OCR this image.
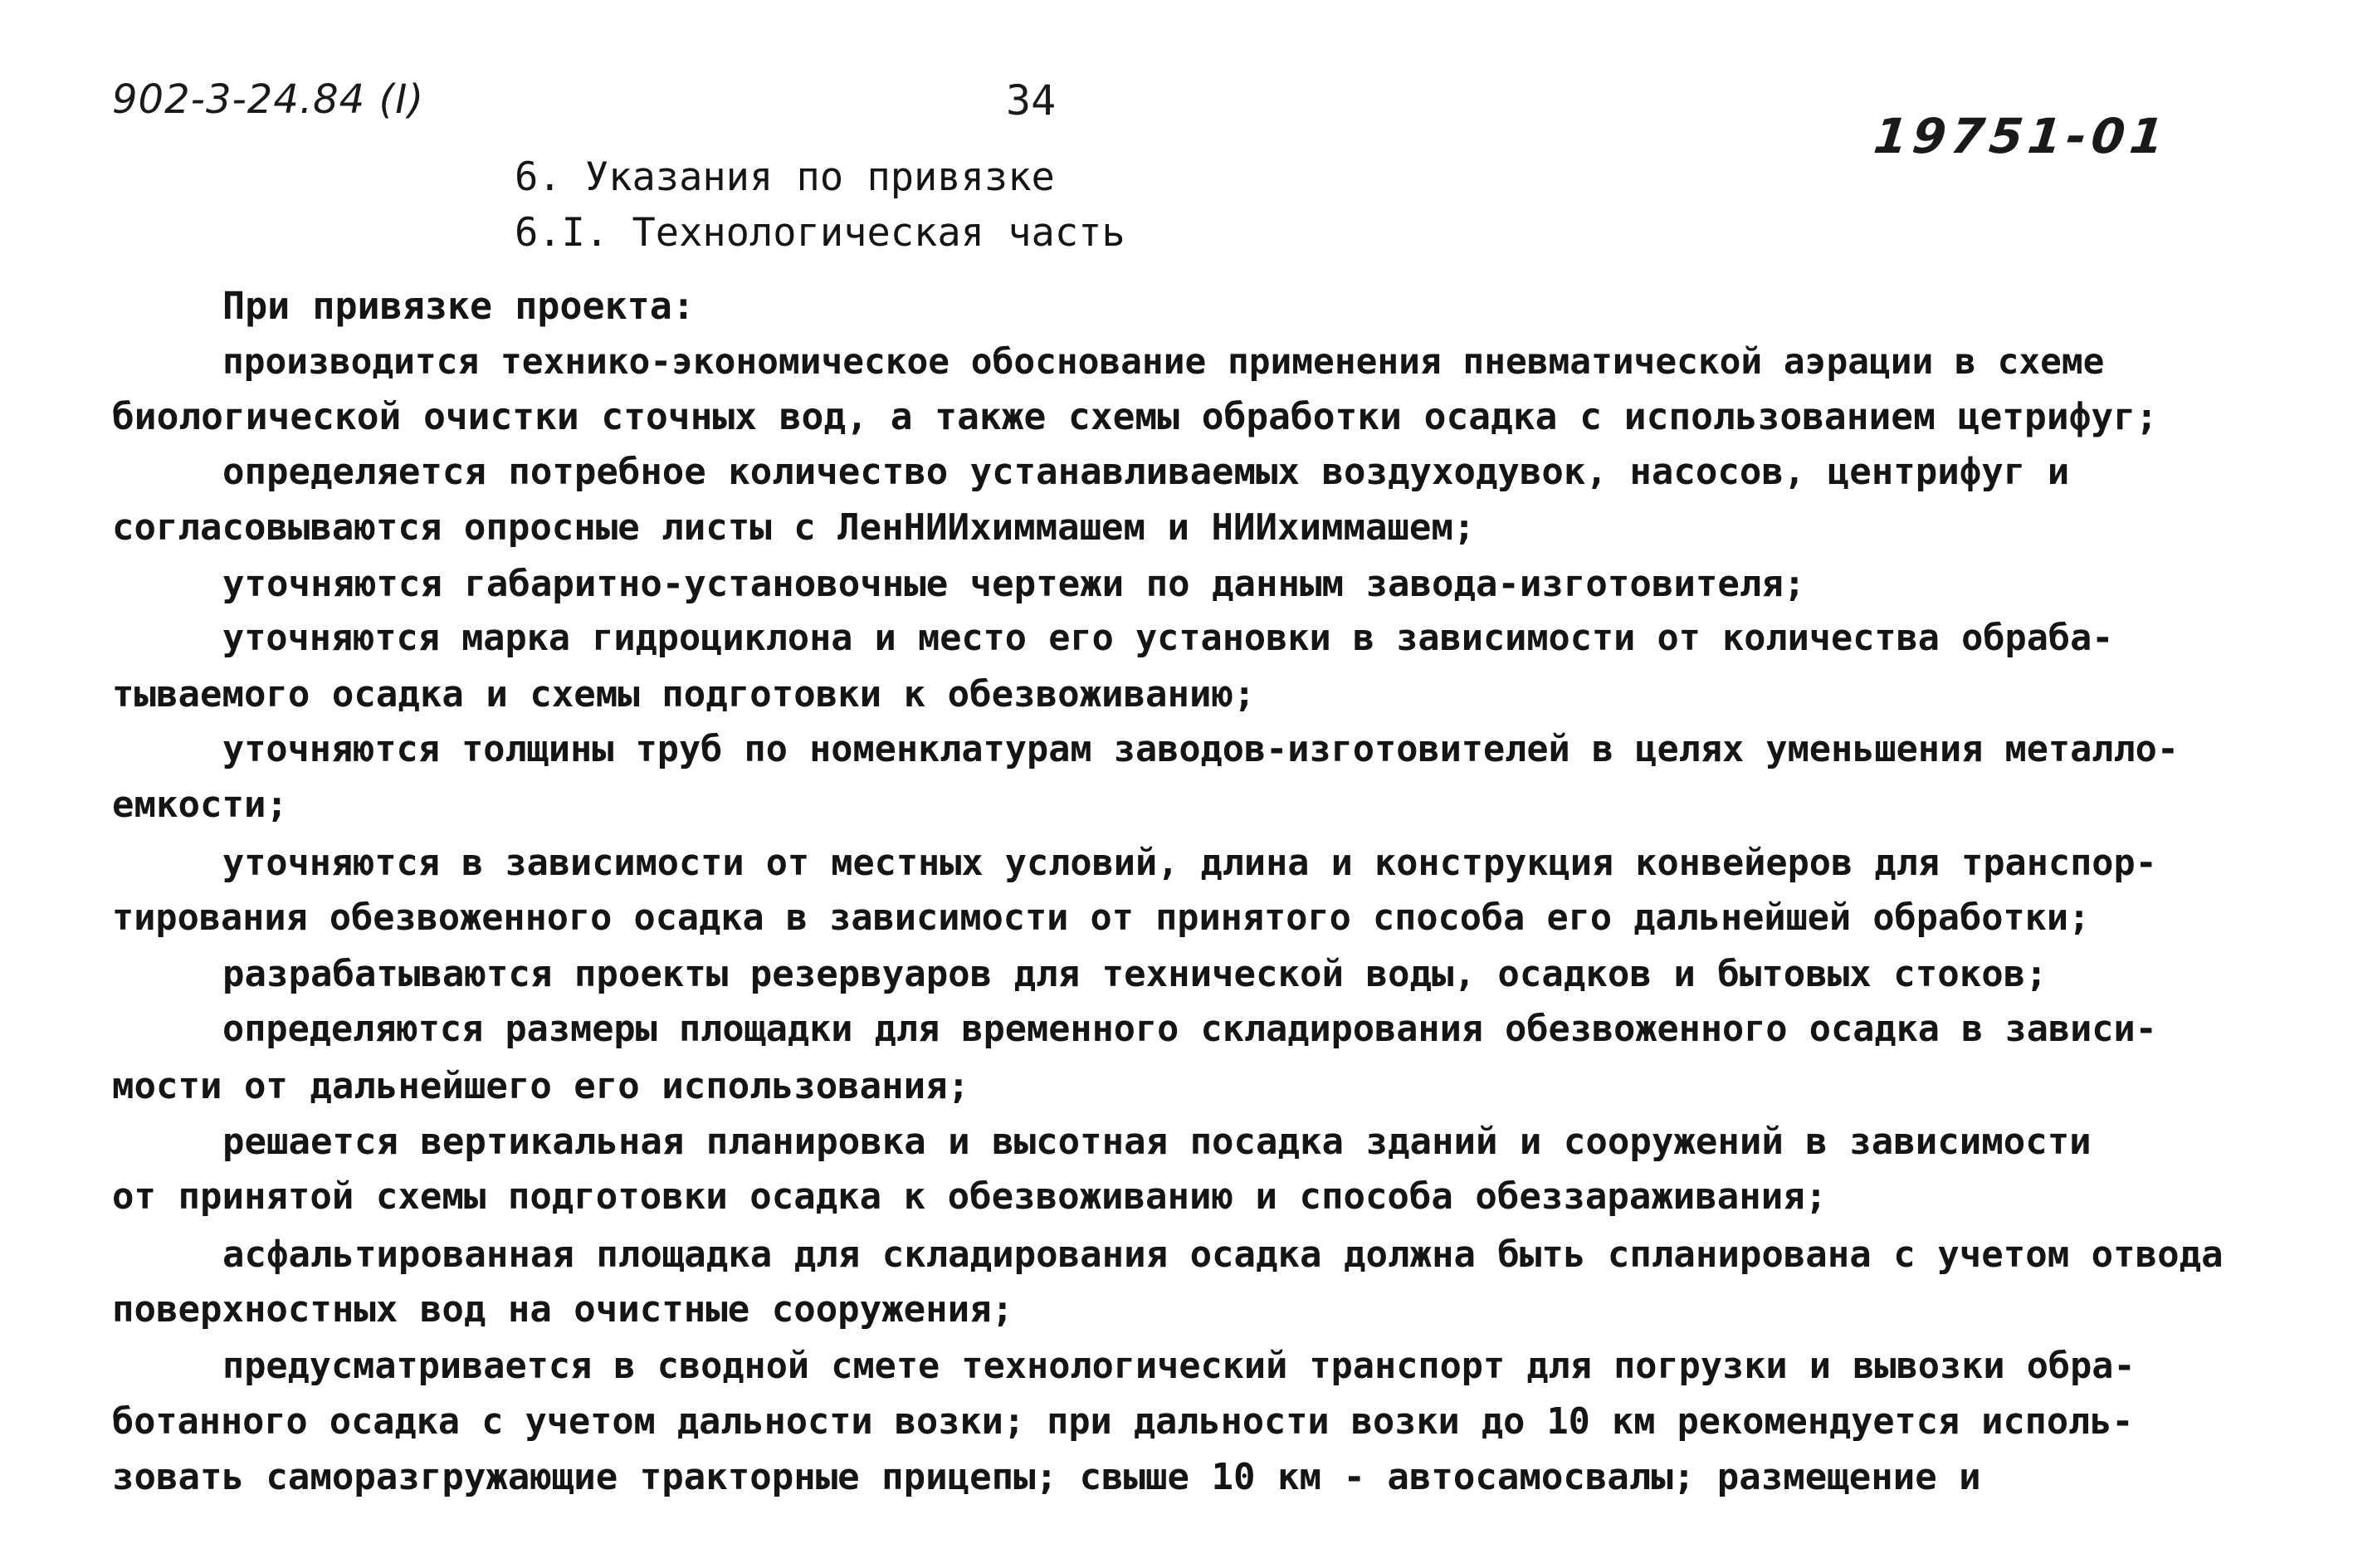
902-3-24.84 (I)	34
19751-01
6. Указания по привязке
6.I. Технологическая часть
При привязке проекта:
производится технико-экономическое обоснование применения пневматической аэрации в схеме
биологической очистки сточных вод, а также схемы обработки осадка с использованием цетрифуг;
определяется потребное количество устанавливаемых воздуходувок, насосов, центрифуг и
согласовываются опросные листы с ЛенНИИхиммашем и НИИхиммашем;
уточняются габаритно-установочные чертежи по данным завода-изготовителя;
уточняются марка гидроциклона и место его установки в зависимости от количества обраба-
тываемого осадка и схемы подготовки к обезвоживанию;
уточняются толщины труб по номенклатурам заводов-изготовителей в целях уменьшения металло-
емкости;
уточняются в зависимости от местных условий, длина и конструкция конвейеров для транспор-
тирования обезвоженного осадка в зависимости от принятого способа его дальнейшей обработки;
разрабатываются проекты резервуаров для технической воды, осадков и бытовых стоков;
определяются размеры площадки для временного складирования обезвоженного осадка в зависи-
мости от дальнейшего его использования;
решается вертикальная планировка и высотная посадка зданий и сооружений в зависимости
от принятой схемы подготовки осадка к обезвоживанию и способа обеззараживания;
асфальтированная площадка для складирования осадка должна быть спланирована с учетом отвода
поверхностных вод на очистные сооружения;
предусматривается в сводной смете технологический транспорт для погрузки и вывозки обра-
ботанного осадка с учетом дальности возки; при дальности возки до 10 км рекомендуется исполь-
зовать саморазгружающие тракторные прицепы; свыше 10 км - автосамосвалы; размещение и
